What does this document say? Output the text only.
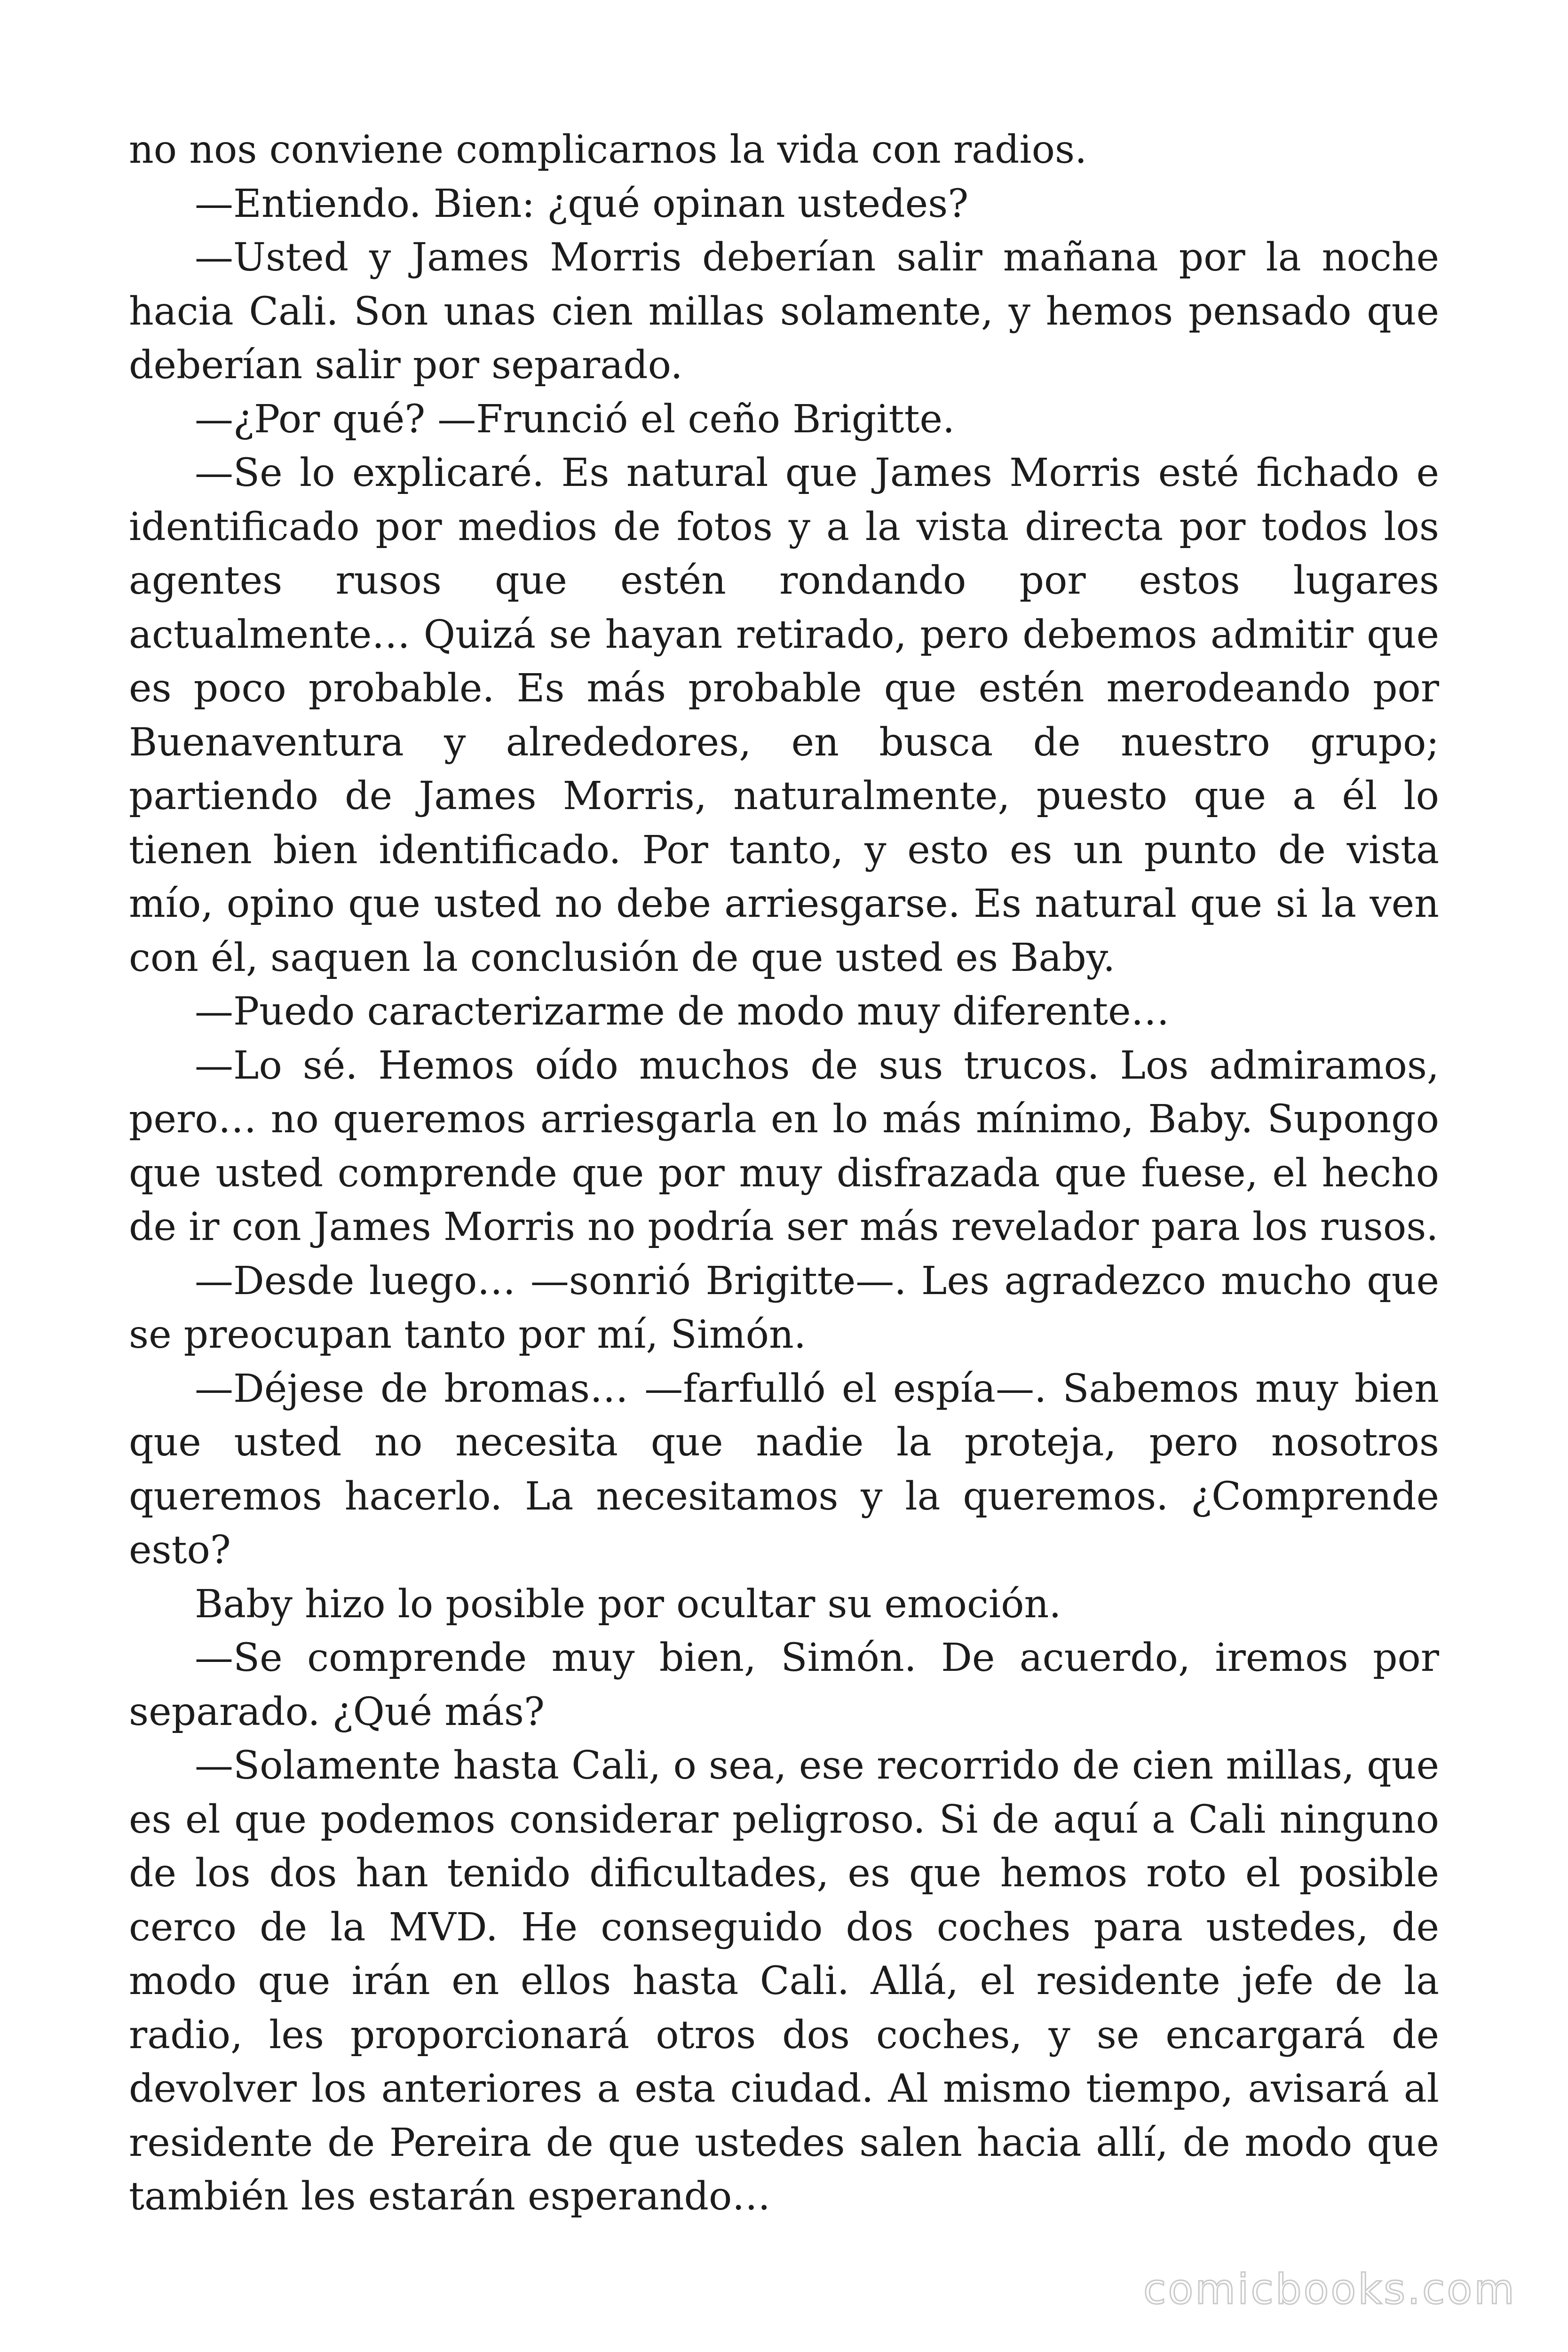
no nos conviene complicarnos la vida con radios.

—Entiendo. Bien: ¿qué opinan ustedes?

—Usted y James Morris deberían salir mañana por la noche hacia Cali. Son unas cien millas solamente, y hemos pensado que deberían salir por separado.

—¿Por qué? —Frunció el ceño Brigitte.

—Se lo explicaré. Es natural que James Morris esté fichado e identificado por medios de fotos y a la vista directa por todos los agentes rusos que estén rondando por estos lugares actualmente… Quizá se hayan retirado, pero debemos admitir que es poco probable. Es más probable que estén merodeando por Buenaventura y alrededores, en busca de nuestro grupo; partiendo de James Morris, naturalmente, puesto que a él lo tienen bien identificado. Por tanto, y esto es un punto de vista mío, opino que usted no debe arriesgarse. Es natural que si la ven con él, saquen la conclusión de que usted es Baby.

—Puedo caracterizarme de modo muy diferente…

—Lo sé. Hemos oído muchos de sus trucos. Los admiramos, pero… no queremos arriesgarla en lo más mínimo, Baby. Supongo que usted comprende que por muy disfrazada que fuese, el hecho de ir con James Morris no podría ser más revelador para los rusos.

—Desde luego… —sonrió Brigitte—. Les agradezco mucho que se preocupan tanto por mí, Simón.

—Déjese de bromas… —farfulló el espía—. Sabemos muy bien que usted no necesita que nadie la proteja, pero nosotros queremos hacerlo. La necesitamos y la queremos. ¿Comprende esto?

Baby hizo lo posible por ocultar su emoción.

—Se comprende muy bien, Simón. De acuerdo, iremos por separado. ¿Qué más?

—Solamente hasta Cali, o sea, ese recorrido de cien millas, que es el que podemos considerar peligroso. Si de aquí a Cali ninguno de los dos han tenido dificultades, es que hemos roto el posible cerco de la MVD. He conseguido dos coches para ustedes, de modo que irán en ellos hasta Cali. Allá, el residente jefe de la radio, les proporcionará otros dos coches, y se encargará de devolver los anteriores a esta ciudad. Al mismo tiempo, avisará al residente de Pereira de que ustedes salen hacia allí, de modo que también les estarán esperando…

comicbooks.com
